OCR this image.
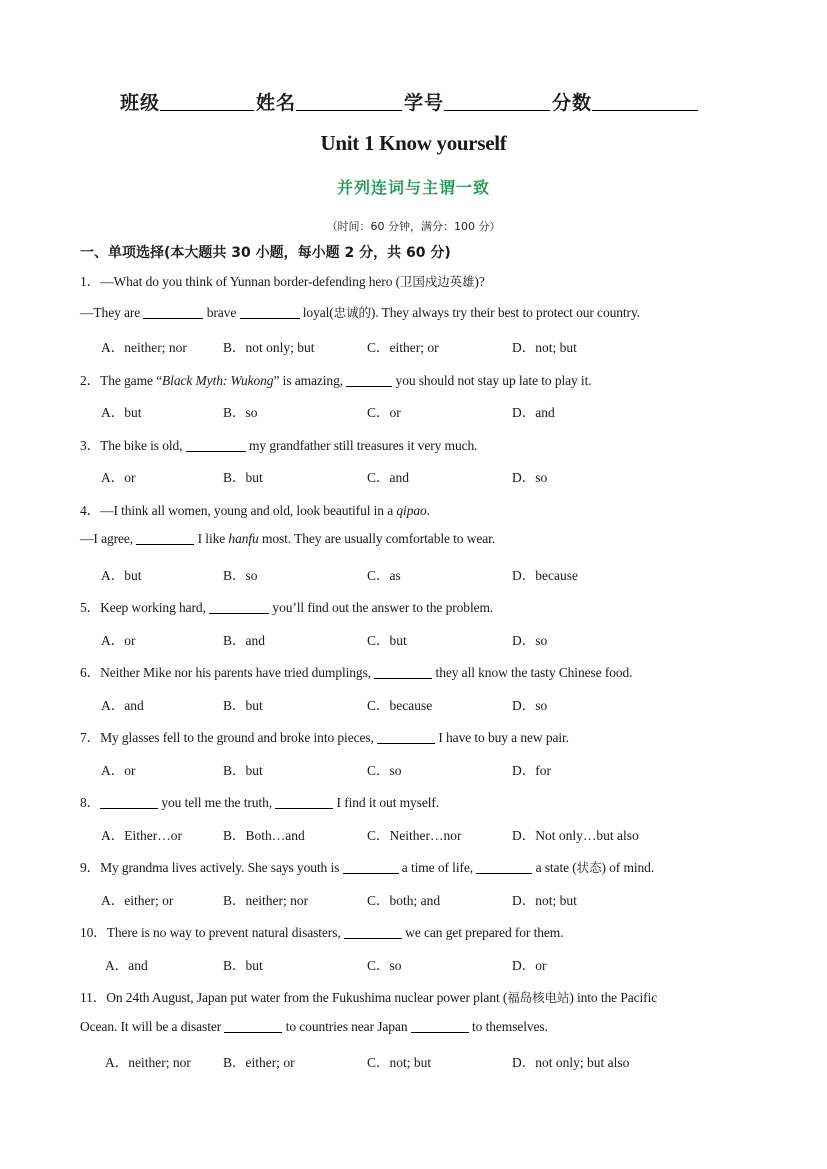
班级	姓名	学号	分数
Unit 1 Know yourself
并列连词与主谓一致
（时间：60 分钟，满分：100 分）
一、单项选择(本大题共 30 小题，每小题 2 分，共 60 分)
1．—What do you think of Yunnan border-defending hero (卫国戍边英雄)?
—They are	brave	loyal(忠诚的). They always try their best to protect our country.
A．neither; nor	B．not only; but	C．either; or	D．not; but
2．The game “Black Myth: Wukong” is amazing,	you should not stay up late to play it.
A．but	B．so	C．or	D．and
3．The bike is old,	my grandfather still treasures it very much.
A．or	B．but	C．and	D．so
4．—I think all women, young and old, look beautiful in a qipao.
—I agree,	I like hanfu most. They are usually comfortable to wear.
A．but	B．so	C．as	D．because
5．Keep working hard,	you’ll find out the answer to the problem.
A．or	B．and	C．but	D．so
6．Neither Mike nor his parents have tried dumplings,	they all know the tasty Chinese food.
A．and	B．but	C．because	D．so
7．My glasses fell to the ground and broke into pieces,	I have to buy a new pair.
A．or	B．but	C．so	D．for
8．	you tell me the truth,	I find it out myself.
A．Either…or	B．Both…and	C．Neither…nor	D．Not only…but also
9．My grandma lives actively. She says youth is	a time of life,	a state (状态) of mind.
A．either; or	B．neither; nor	C．both; and	D．not; but
10．There is no way to prevent natural disasters,	we can get prepared for them.
A．and	B．but	C．so	D．or
11．On 24th August, Japan put water from the Fukushima nuclear power plant (福岛核电站) into the Pacific
Ocean. It will be a disaster	to countries near Japan	to themselves.
A．neither; nor B．either; or	C．not; but	D．not only; but also
